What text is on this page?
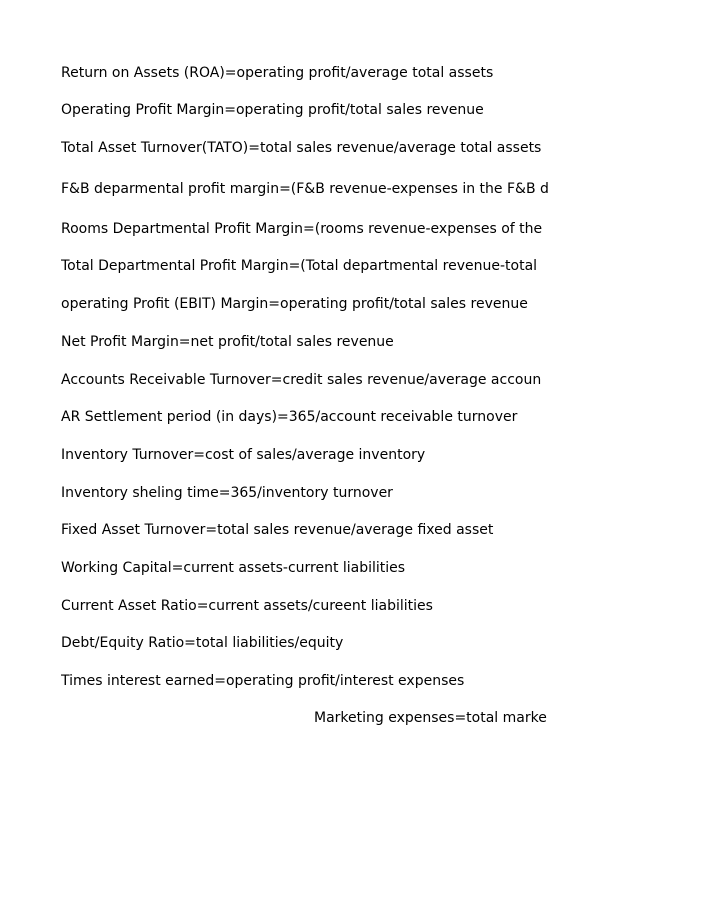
Return on Assets (ROA)=operating profit/average total assets
Operating Profit Margin=operating profit/total sales revenue
Total Asset Turnover(TATO)=total sales revenue/average total assets
F&B deparmental profit margin=(F&B revenue-expenses in the F&B d
Rooms Departmental Profit Margin=(rooms revenue-expenses of the
Total Departmental Profit Margin=(Total departmental revenue-total
operating Profit (EBIT) Margin=operating profit/total sales revenue
Net Profit Margin=net profit/total sales revenue
Accounts Receivable Turnover=credit sales revenue/average accoun
AR Settlement period (in days)=365/account receivable turnover
Inventory Turnover=cost of sales/average inventory
Inventory sheling time=365/inventory turnover
Fixed Asset Turnover=total sales revenue/average fixed asset
Working Capital=current assets-current liabilities
Current Asset Ratio=current assets/cureent liabilities
Debt/Equity Ratio=total liabilities/equity
Times interest earned=operating profit/interest expenses
Marketing expenses=total marke
